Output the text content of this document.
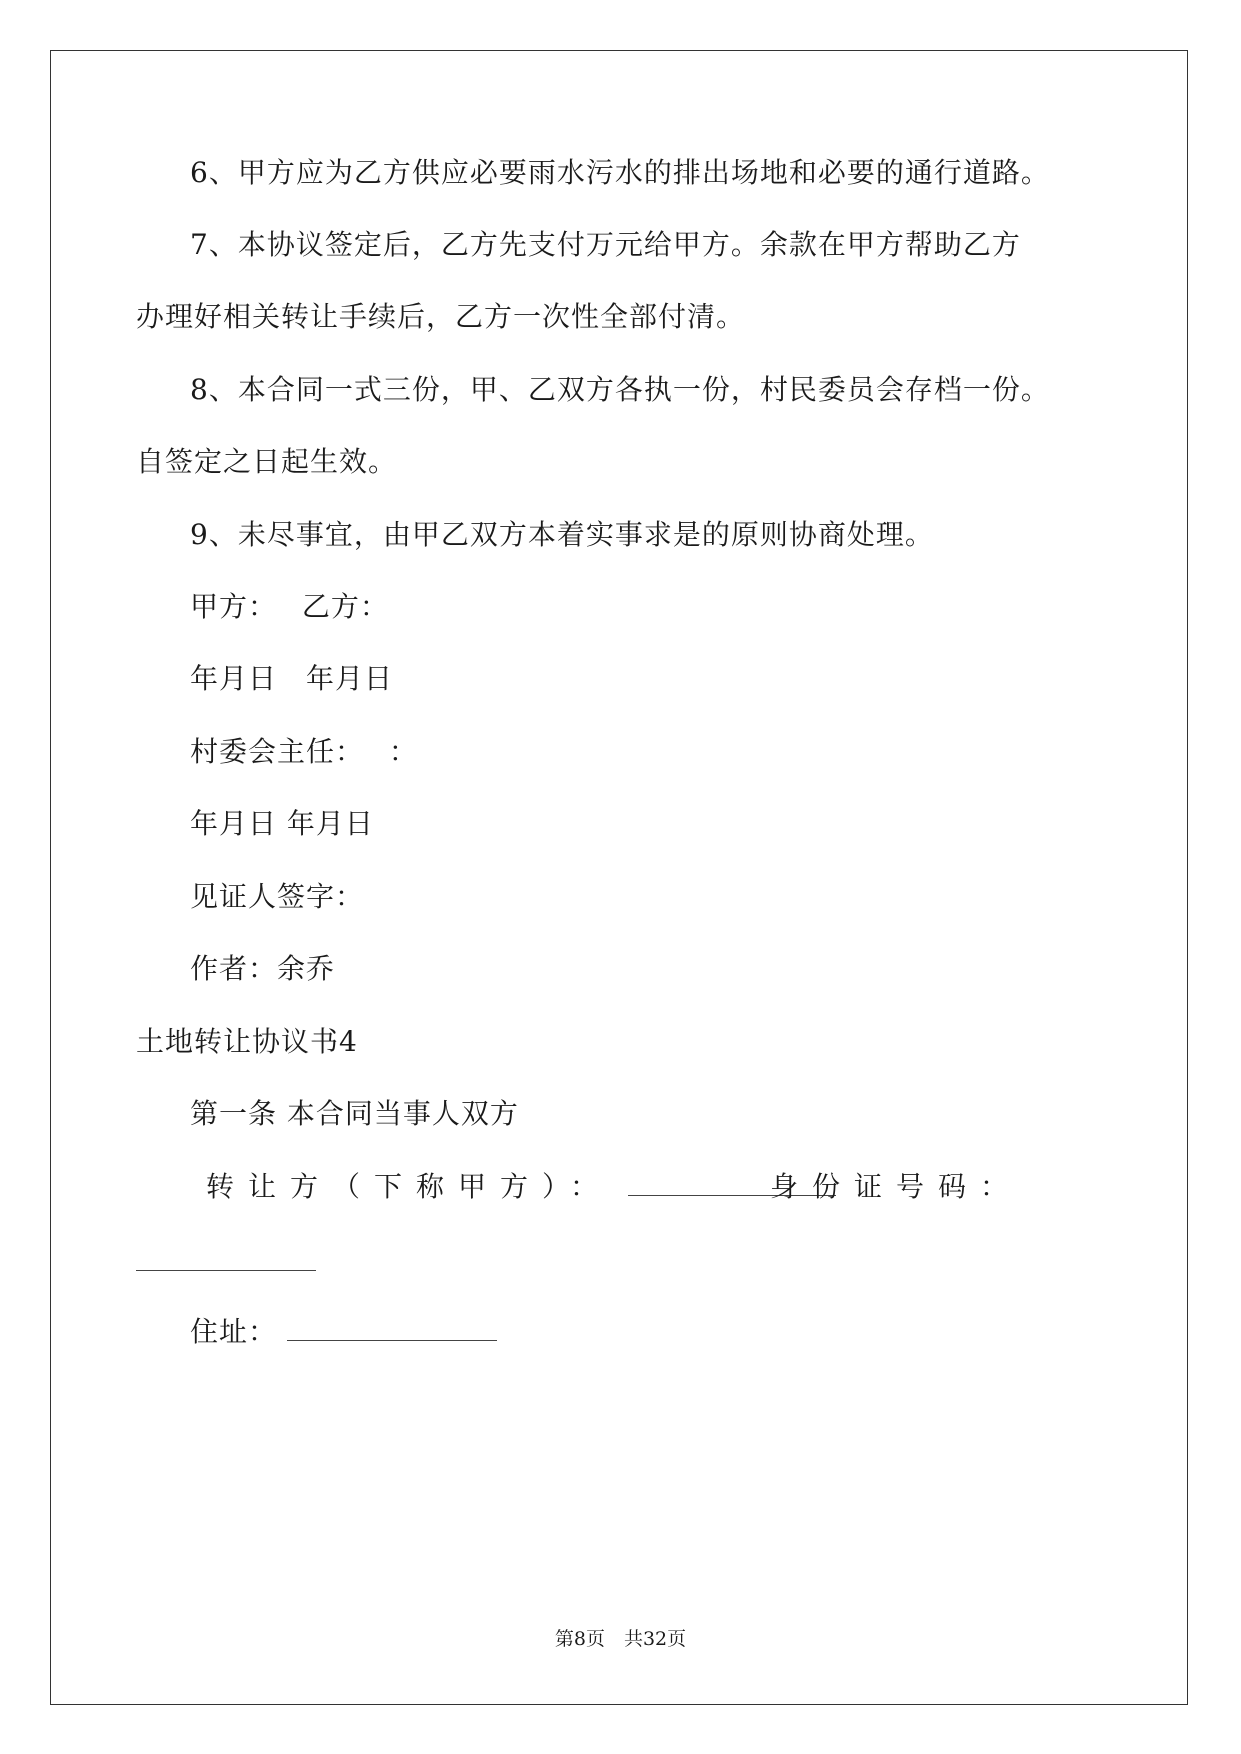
6、甲方应为乙方供应必要雨水污水的排出场地和必要的通行道路。
7、本协议签定后，乙方先支付万元给甲方。余款在甲方帮助乙方
办理好相关转让手续后，乙方一次性全部付清。
8、本合同一式三份，甲、乙双方各执一份，村民委员会存档一份。
自签定之日起生效。
9、未尽事宜，由甲乙双方本着实事求是的原则协商处理。
甲方：　 乙方：
年月日　年月日
村委会主任：　 ：
年月日 年月日
见证人签字：
作者：余乔
土地转让协议书4
第一条 本合同当事人双方
转让方（下称甲方）：	身份证号码：
住址：
第8页　共32页
